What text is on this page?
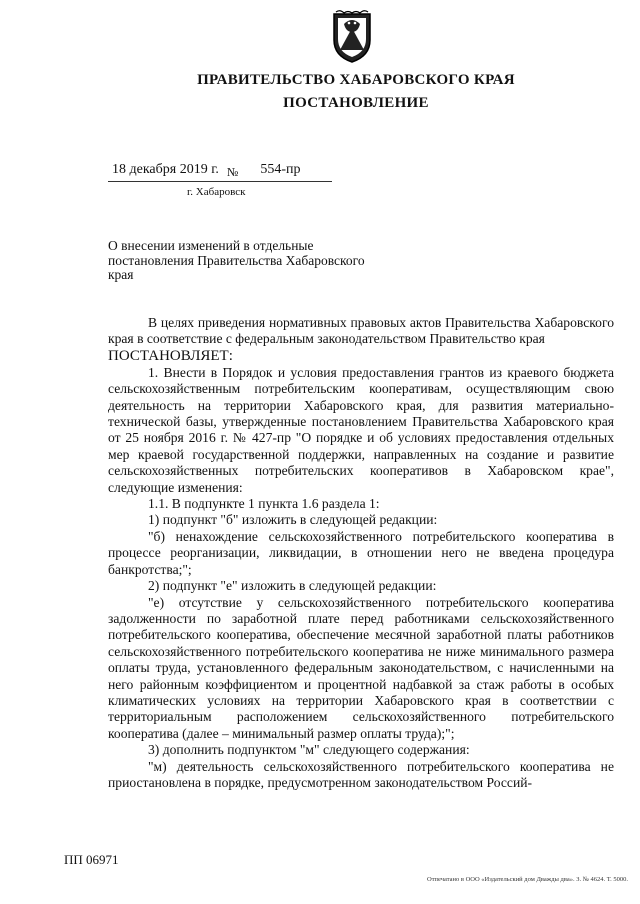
ПРАВИТЕЛЬСТВО ХАБАРОВСКОГО КРАЯ
ПОСТАНОВЛЕНИЕ
18 декабря 2019 г. № 554-пр
г. Хабаровск
О внесении изменений в отдельные постановления Правительства Хабаровского края

В целях приведения нормативных правовых актов Правительства Хабаровского края в соответствие с федеральным законодательством Правительство края

ПОСТАНОВЛЯЕТ:

1. Внести в Порядок и условия предоставления грантов из краевого бюджета сельскохозяйственным потребительским кооперативам, осуществляющим свою деятельность на территории Хабаровского края, для развития материально-технической базы, утвержденные постановлением Правительства Хабаровского края от 25 ноября 2016 г. № 427-пр "О порядке и об условиях предоставления отдельных мер краевой государственной поддержки, направленных на создание и развитие сельскохозяйственных потребительских кооперативов в Хабаровском крае", следующие изменения:

1.1. В подпункте 1 пункта 1.6 раздела 1:

1) подпункт "б" изложить в следующей редакции:

"б) ненахождение сельскохозяйственного потребительского кооператива в процессе реорганизации, ликвидации, в отношении него не введена процедура банкротства;";

2) подпункт "е" изложить в следующей редакции:

"е) отсутствие у сельскохозяйственного потребительского кооператива задолженности по заработной плате перед работниками сельскохозяйственного потребительского кооператива, обеспечение месячной заработной платы работников сельскохозяйственного потребительского кооператива не ниже минимального размера оплаты труда, установленного федеральным законодательством, с начисленными на него районным коэффициентом и процентной надбавкой за стаж работы в особых климатических условиях на территории Хабаровского края в соответствии с территориальным расположением сельскохозяйственного потребительского кооператива (далее – минимальный размер оплаты труда);";

3) дополнить подпунктом "м" следующего содержания:

"м) деятельность сельскохозяйственного потребительского кооператива не приостановлена в порядке, предусмотренном законодательством Россий-

ПП 06971
Отпечатано в ООО «Издательский дом Дважды два». З. № 4624. Т. 5000.
